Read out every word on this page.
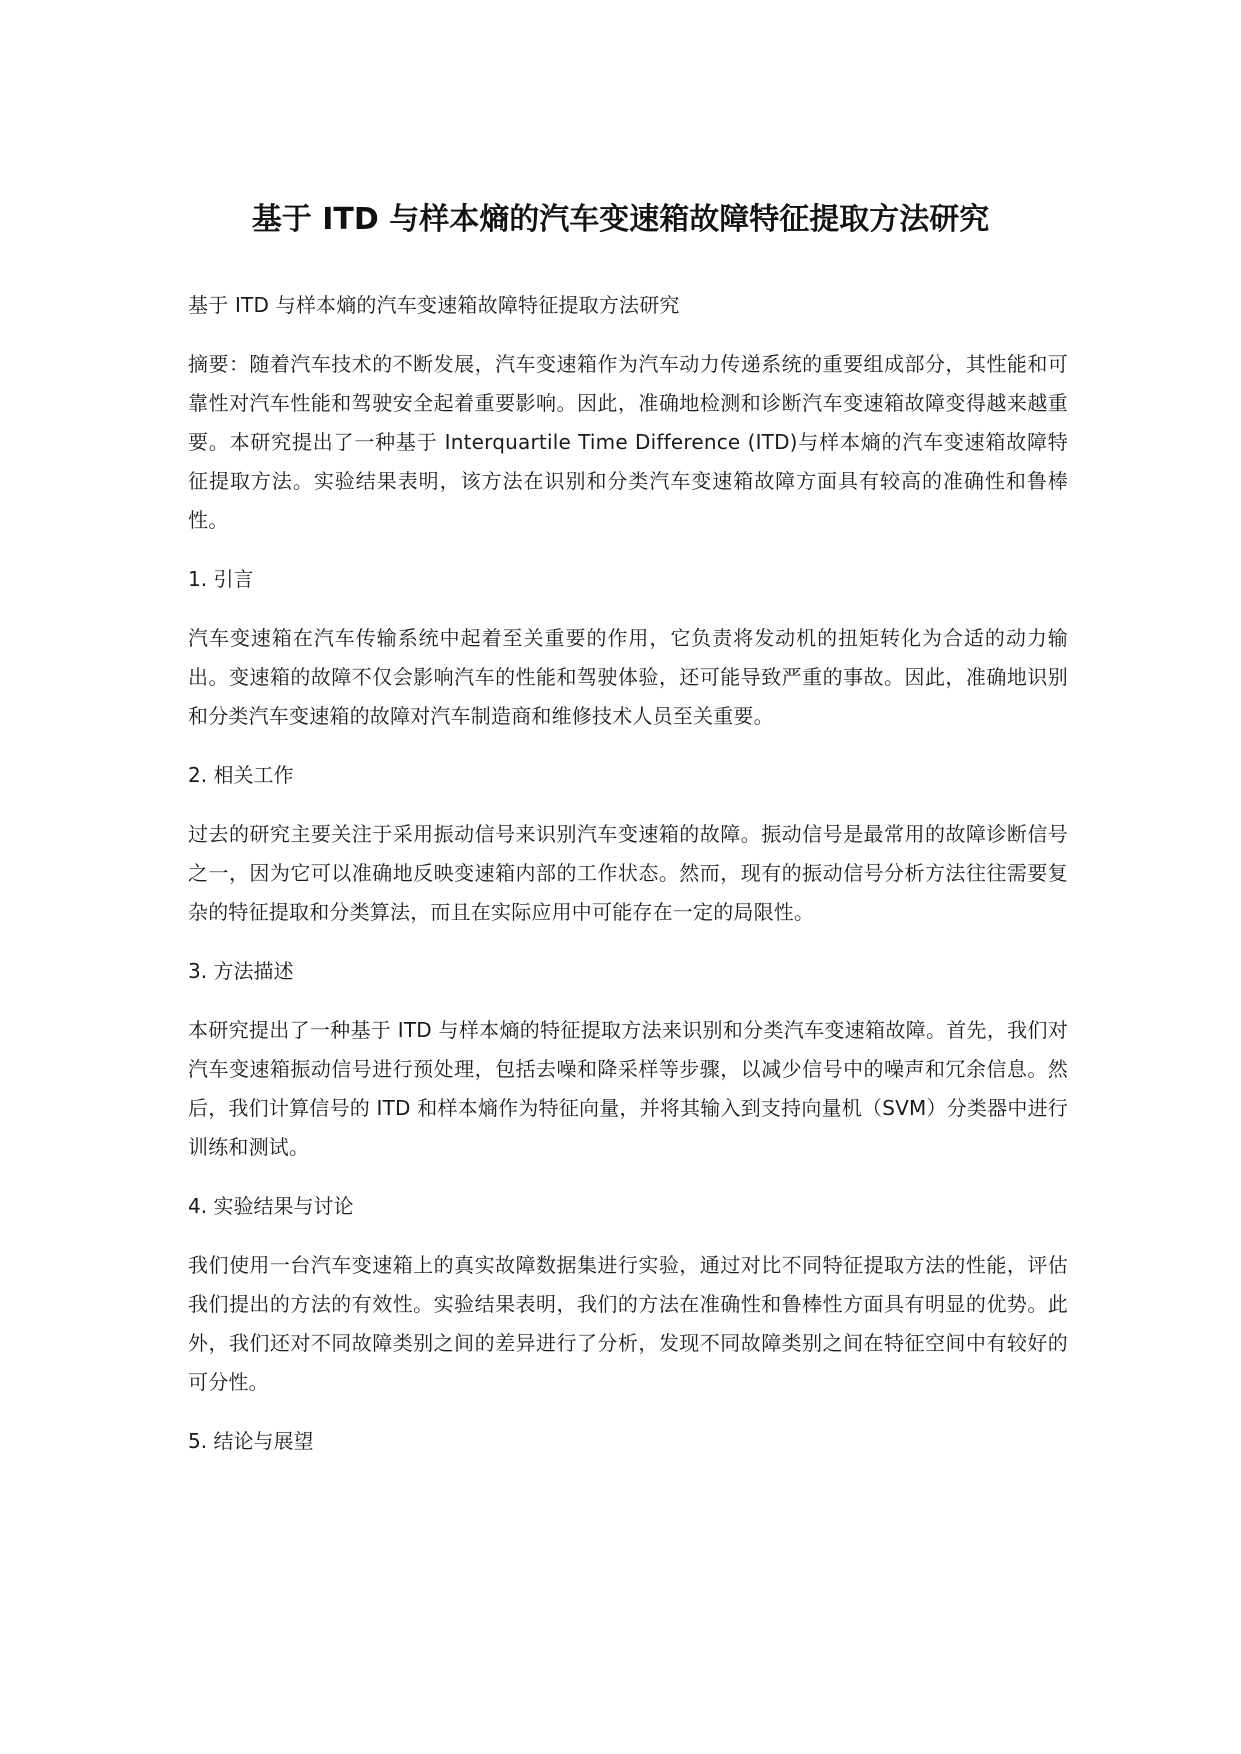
基于 ITD 与样本熵的汽车变速箱故障特征提取方法研究

基于 ITD 与样本熵的汽车变速箱故障特征提取方法研究

摘要：随着汽车技术的不断发展，汽车变速箱作为汽车动力传递系统的重要组成部分，其性能和可靠性对汽车性能和驾驶安全起着重要影响。因此，准确地检测和诊断汽车变速箱故障变得越来越重要。本研究提出了一种基于 Interquartile Time Difference (ITD)与样本熵的汽车变速箱故障特征提取方法。实验结果表明，该方法在识别和分类汽车变速箱故障方面具有较高的准确性和鲁棒性。

1. 引言

汽车变速箱在汽车传输系统中起着至关重要的作用，它负责将发动机的扭矩转化为合适的动力输出。变速箱的故障不仅会影响汽车的性能和驾驶体验，还可能导致严重的事故。因此，准确地识别和分类汽车变速箱的故障对汽车制造商和维修技术人员至关重要。

2. 相关工作

过去的研究主要关注于采用振动信号来识别汽车变速箱的故障。振动信号是最常用的故障诊断信号之一，因为它可以准确地反映变速箱内部的工作状态。然而，现有的振动信号分析方法往往需要复杂的特征提取和分类算法，而且在实际应用中可能存在一定的局限性。

3. 方法描述

本研究提出了一种基于 ITD 与样本熵的特征提取方法来识别和分类汽车变速箱故障。首先，我们对汽车变速箱振动信号进行预处理，包括去噪和降采样等步骤，以减少信号中的噪声和冗余信息。然后，我们计算信号的 ITD 和样本熵作为特征向量，并将其输入到支持向量机（SVM）分类器中进行训练和测试。

4. 实验结果与讨论

我们使用一台汽车变速箱上的真实故障数据集进行实验，通过对比不同特征提取方法的性能，评估我们提出的方法的有效性。实验结果表明，我们的方法在准确性和鲁棒性方面具有明显的优势。此外，我们还对不同故障类别之间的差异进行了分析，发现不同故障类别之间在特征空间中有较好的可分性。

5. 结论与展望
